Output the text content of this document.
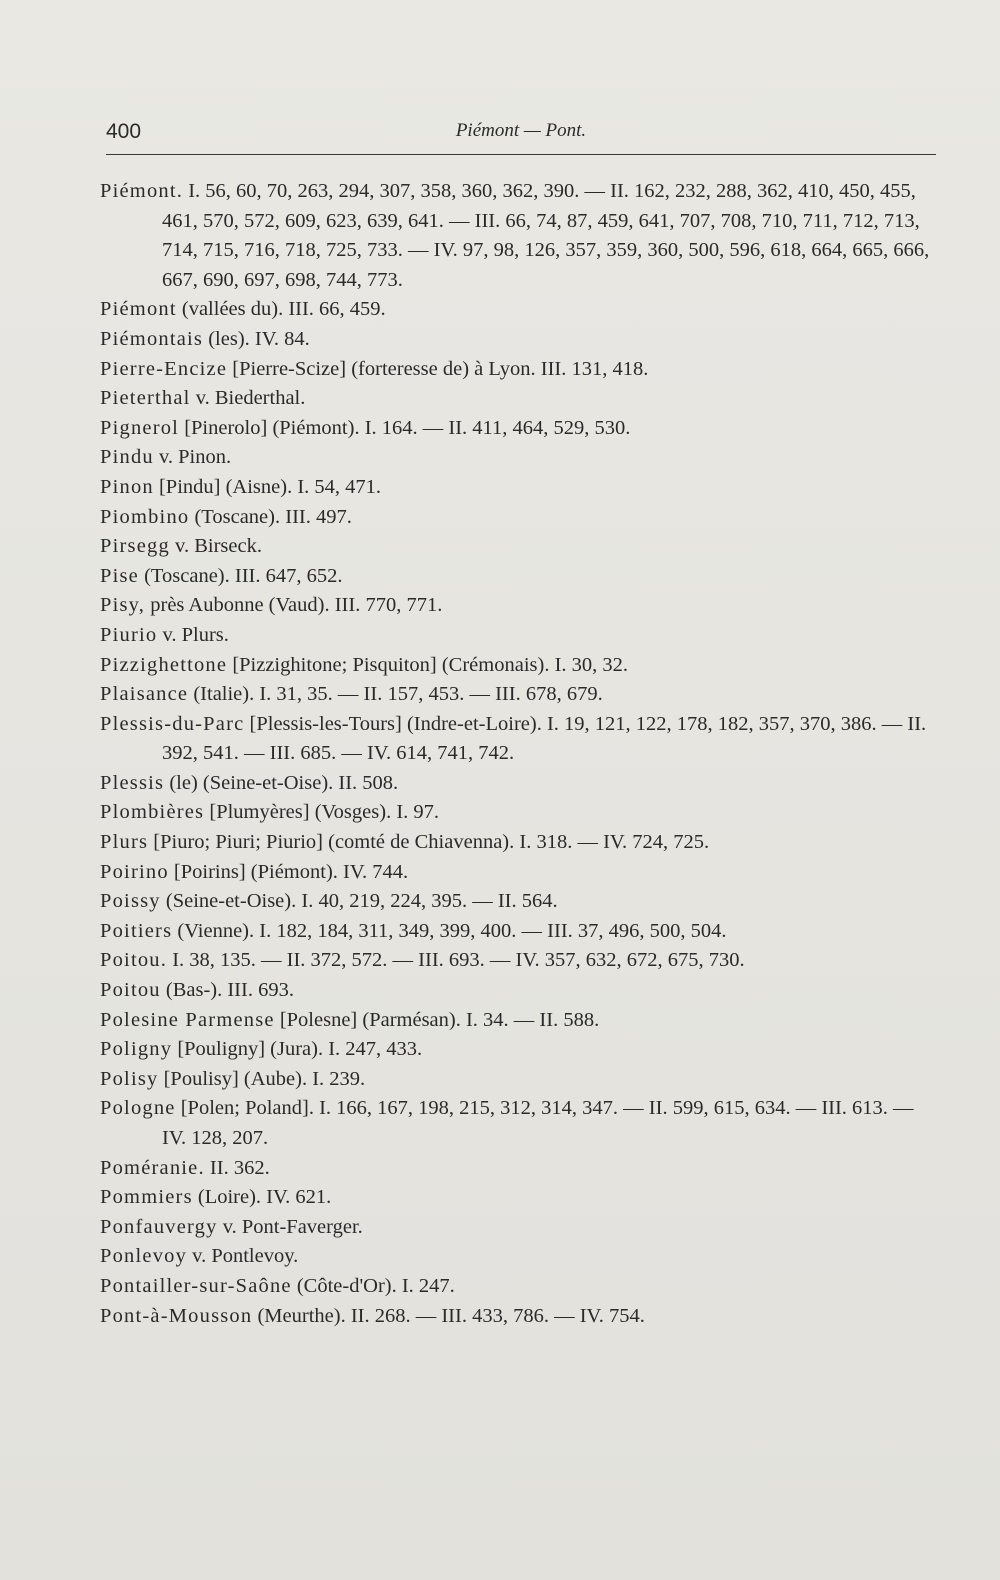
400	Piémont — Pont.

Piémont. I. 56, 60, 70, 263, 294, 307, 358, 360, 362, 390. — II. 162, 232, 288, 362, 410, 450, 455, 461, 570, 572, 609, 623, 639, 641. — III. 66, 74, 87, 459, 641, 707, 708, 710, 711, 712, 713, 714, 715, 716, 718, 725, 733. — IV. 97, 98, 126, 357, 359, 360, 500, 596, 618, 664, 665, 666, 667, 690, 697, 698, 744, 773.

Piémont (vallées du). III. 66, 459.

Piémontais (les). IV. 84.

Pierre-Encize [Pierre-Scize] (forteresse de) à Lyon. III. 131, 418.

Pieterthal v. Biederthal.

Pignerol [Pinerolo] (Piémont). I. 164. — II. 411, 464, 529, 530.

Pindu v. Pinon.

Pinon [Pindu] (Aisne). I. 54, 471.

Piombino (Toscane). III. 497.

Pirsegg v. Birseck.

Pise (Toscane). III. 647, 652.

Pisy, près Aubonne (Vaud). III. 770, 771.

Piurio v. Plurs.

Pizzighettone [Pizzighitone; Pisquiton] (Crémonais). I. 30, 32.

Plaisance (Italie). I. 31, 35. — II. 157, 453. — III. 678, 679.

Plessis-du-Parc [Plessis-les-Tours] (Indre-et-Loire). I. 19, 121, 122, 178, 182, 357, 370, 386. — II. 392, 541. — III. 685. — IV. 614, 741, 742.

Plessis (le) (Seine-et-Oise). II. 508.

Plombières [Plumyères] (Vosges). I. 97.

Plurs [Piuro; Piuri; Piurio] (comté de Chiavenna). I. 318. — IV. 724, 725.

Poirino [Poirins] (Piémont). IV. 744.

Poissy (Seine-et-Oise). I. 40, 219, 224, 395. — II. 564.

Poitiers (Vienne). I. 182, 184, 311, 349, 399, 400. — III. 37, 496, 500, 504.

Poitou. I. 38, 135. — II. 372, 572. — III. 693. — IV. 357, 632, 672, 675, 730.

Poitou (Bas-). III. 693.

Polesine Parmense [Polesne] (Parmésan). I. 34. — II. 588.

Poligny [Pouligny] (Jura). I. 247, 433.

Polisy [Poulisy] (Aube). I. 239.

Pologne [Polen; Poland]. I. 166, 167, 198, 215, 312, 314, 347. — II. 599, 615, 634. — III. 613. — IV. 128, 207.

Poméranie. II. 362.

Pommiers (Loire). IV. 621.

Ponfauvergy v. Pont-Faverger.

Ponlevoy v. Pontlevoy.

Pontailler-sur-Saône (Côte-d'Or). I. 247.

Pont-à-Mousson (Meurthe). II. 268. — III. 433, 786. — IV. 754.
